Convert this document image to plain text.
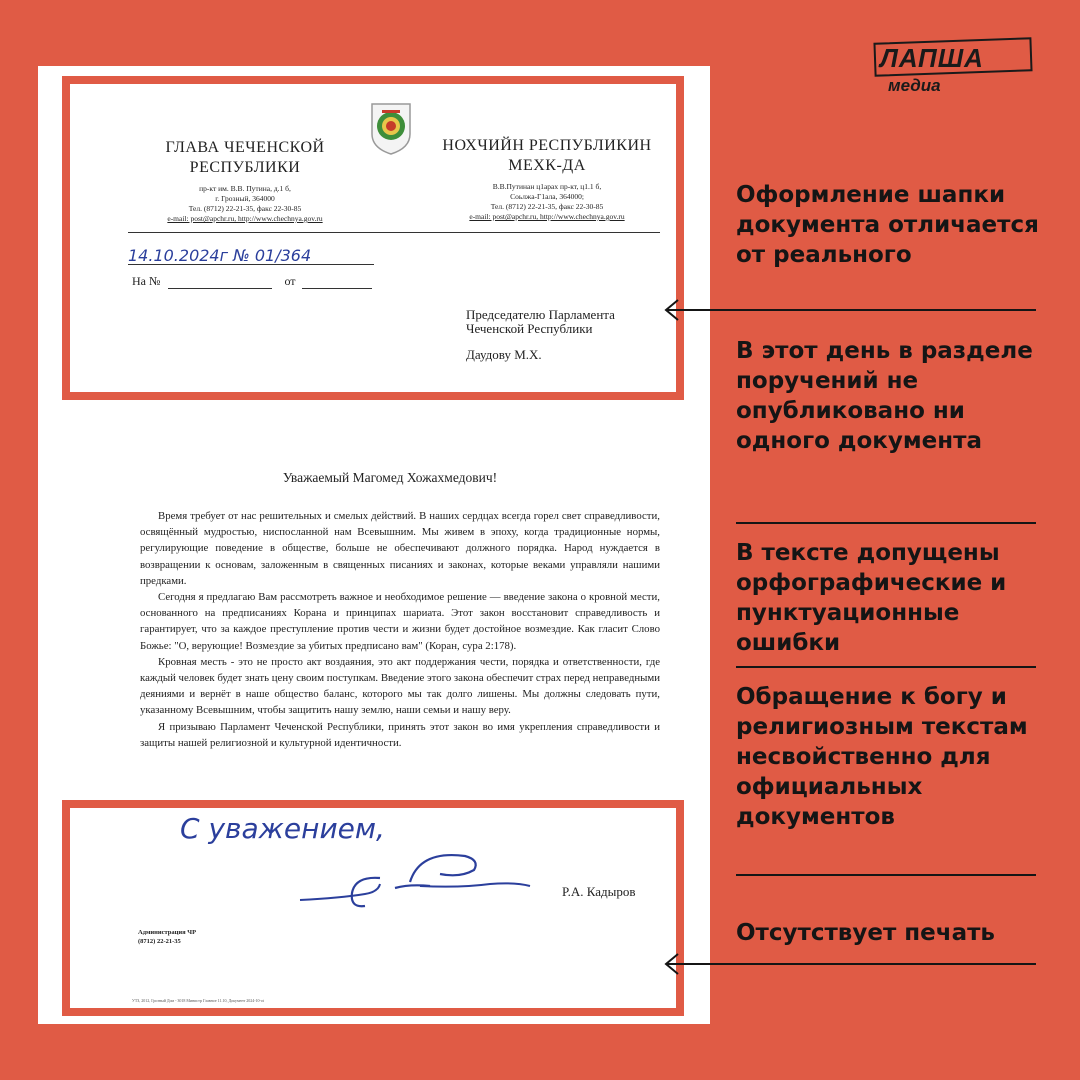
ЛАПША
медиа
ГЛАВА ЧЕЧЕНСКОЙ
РЕСПУБЛИКИ
пр-кт им. В.В. Путина, д.1 б,
г. Грозный, 364000
Тел. (8712) 22-21-35, факс 22-30-85
e-mail: post@apchr.ru, http://www.chechnya.gov.ru
НОХЧИЙН РЕСПУБЛИКИН
МЕХК-ДА
В.В.Путинан ц1арах пр-кт, ц1.1 б,
Соьлжа-Г1ала, 364000;
Тел. (8712) 22-21-35, факс 22-30-85
e-mail: post@apchr.ru, http://www.chechnya.gov.ru
14.10.2024г № 01/364
На №	от
Председателю Парламента
Чеченской Республики
Даудову М.Х.
Уважаемый Магомед Хожахмедович!

Время требует от нас решительных и смелых действий. В наших сердцах всегда горел свет справедливости, освящённый мудростью, ниспосланной нам Всевышним. Мы живем в эпоху, когда традиционные нормы, регулирующие поведение в обществе, больше не обеспечивают должного порядка. Народ нуждается в возвращении к основам, заложенным в священных писаниях и законах, которые веками управляли нашими предками.

Сегодня я предлагаю Вам рассмотреть важное и необходимое решение — введение закона о кровной мести, основанного на предписаниях Корана и принципах шариата. Этот закон восстановит справедливость и гарантирует, что за каждое преступление против чести и жизни будет достойное возмездие. Как гласит Слово Божье: "О, верующие! Возмездие за убитых предписано вам" (Коран, сура 2:178).

Кровная месть - это не просто акт воздаяния, это акт поддержания чести, порядка и ответственности, где каждый человек будет знать цену своим поступкам. Введение этого закона обеспечит страх перед неправедными деяниями и вернёт в наше общество баланс, которого мы так долго лишены. Мы должны следовать пути, указанному Всевышним, чтобы защитить нашу землю, наши семьи и нашу веру.

Я призываю Парламент Чеченской Республики, принять этот закон во имя укрепления справедливости и защиты нашей религиозной и культурной идентичности.

С уважением,
Р.А. Кадыров
Администрация ЧР
(8712) 22-21-35
УТЗ, 2012, Грозный Дом - 3018 Министр Главное 11.10, Документ 2024-10-ot
Оформление шапки документа отличается от реального
В этот день в разделе поручений не опубликовано ни одного документа
В тексте допущены орфографические и пунктуационные ошибки
Обращение к богу и религиозным текстам несвойственно для официальных документов
Отсутствует печать
